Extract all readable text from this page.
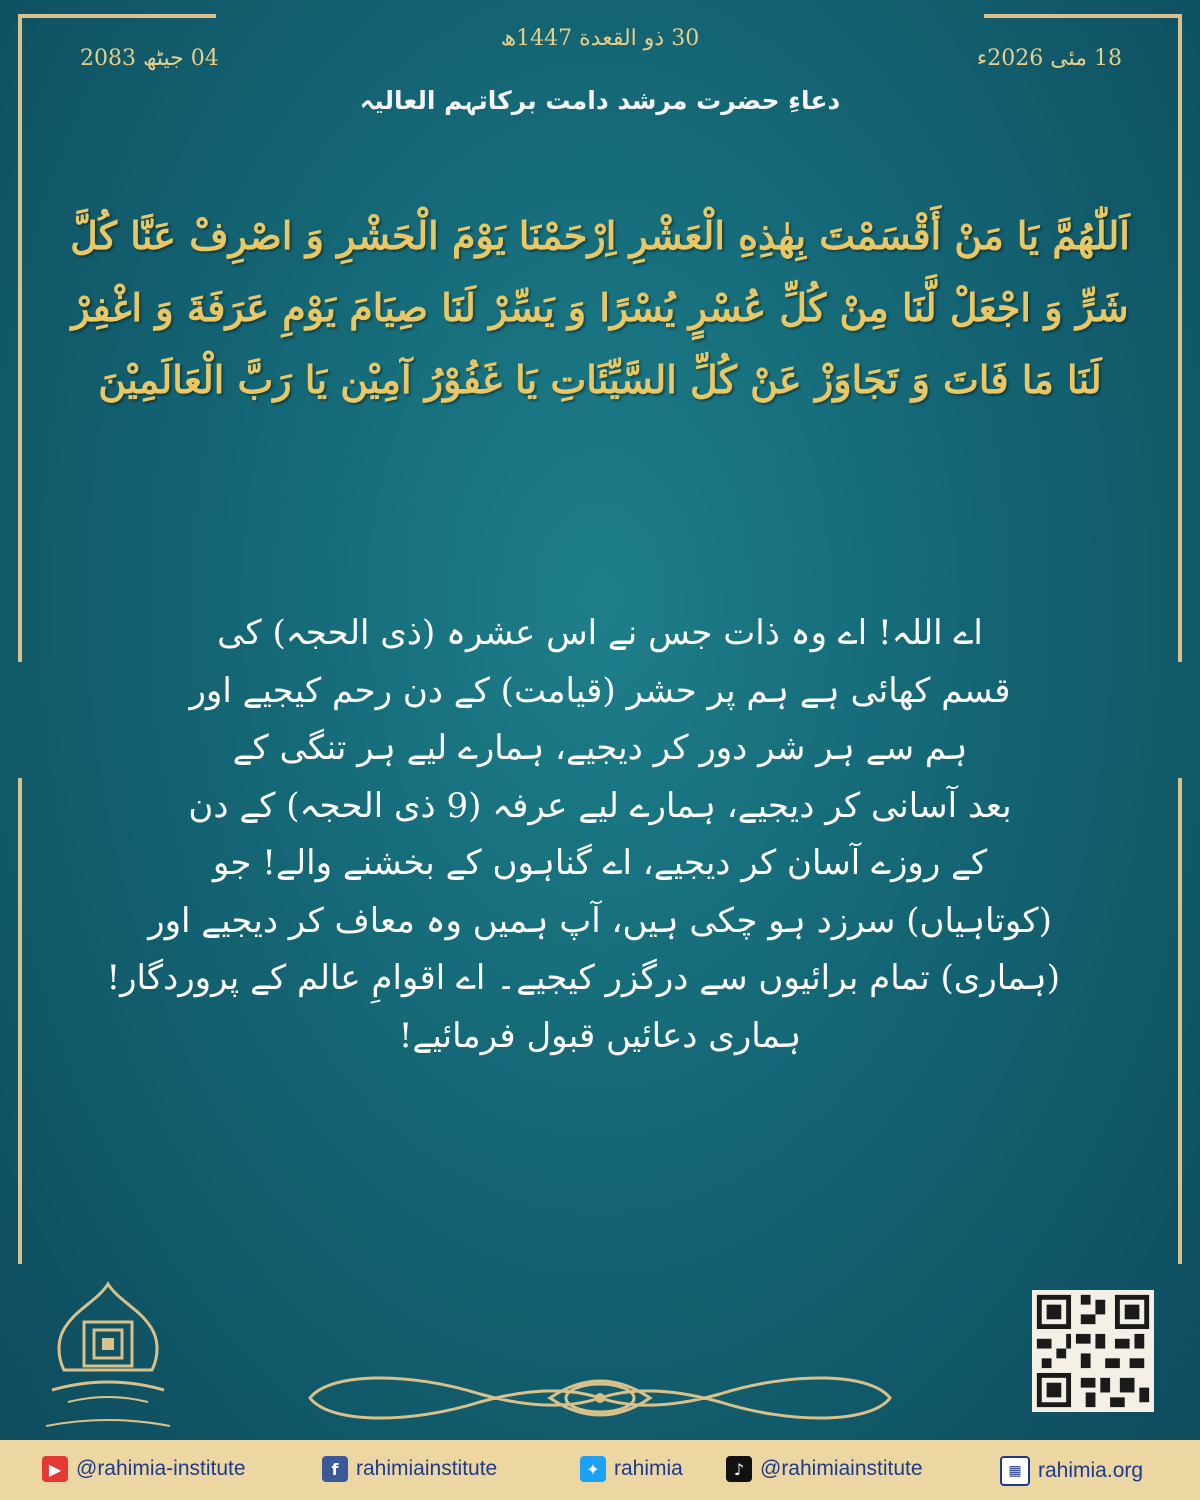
30 ذو القعدة 1447ھ
18 مئی 2026ء
04 جیٹھ 2083
دعاءِ حضرت مرشد دامت برکاتہم العالیہ
اَللّٰهُمَّ يَا مَنْ أَقْسَمْتَ بِهٰذِهِ الْعَشْرِ اِرْحَمْنَا يَوْمَ الْحَشْرِ وَ اصْرِفْ عَنَّا كُلَّ شَرٍّ وَ اجْعَلْ لَّنَا مِنْ كُلِّ عُسْرٍ يُسْرًا وَ يَسِّرْ لَنَا صِيَامَ يَوْمِ عَرَفَةَ وَ اغْفِرْ لَنَا مَا فَاتَ وَ تَجَاوَزْ عَنْ كُلِّ السَّيِّئَاتِ يَا غَفُوْرُ آمِيْن يَا رَبَّ الْعَالَمِيْنَ
اے اللہ! اے وہ ذات جس نے اس عشرہ (ذی الحجہ) کی
قسم کھائی ہے ہم پر حشر (قیامت) کے دن رحم کیجیے اور
ہم سے ہر شر دور کر دیجیے، ہمارے لیے ہر تنگی کے
بعد آسانی کر دیجیے، ہمارے لیے عرفہ (9 ذی الحجہ) کے دن
کے روزے آسان کر دیجیے، اے گناہوں کے بخشنے والے! جو
(کوتاہیاں) سرزد ہو چکی ہیں، آپ ہمیں وہ معاف کر دیجیے اور
(ہماری) تمام برائیوں سے درگزر کیجیے۔ اے اقوامِ عالم کے پروردگار!
ہماری دعائیں قبول فرمائیے!
▶ @rahimia-institute	f rahimiainstitute	✦ rahimia	♪ @rahimiainstitute	▦ rahimia.org
